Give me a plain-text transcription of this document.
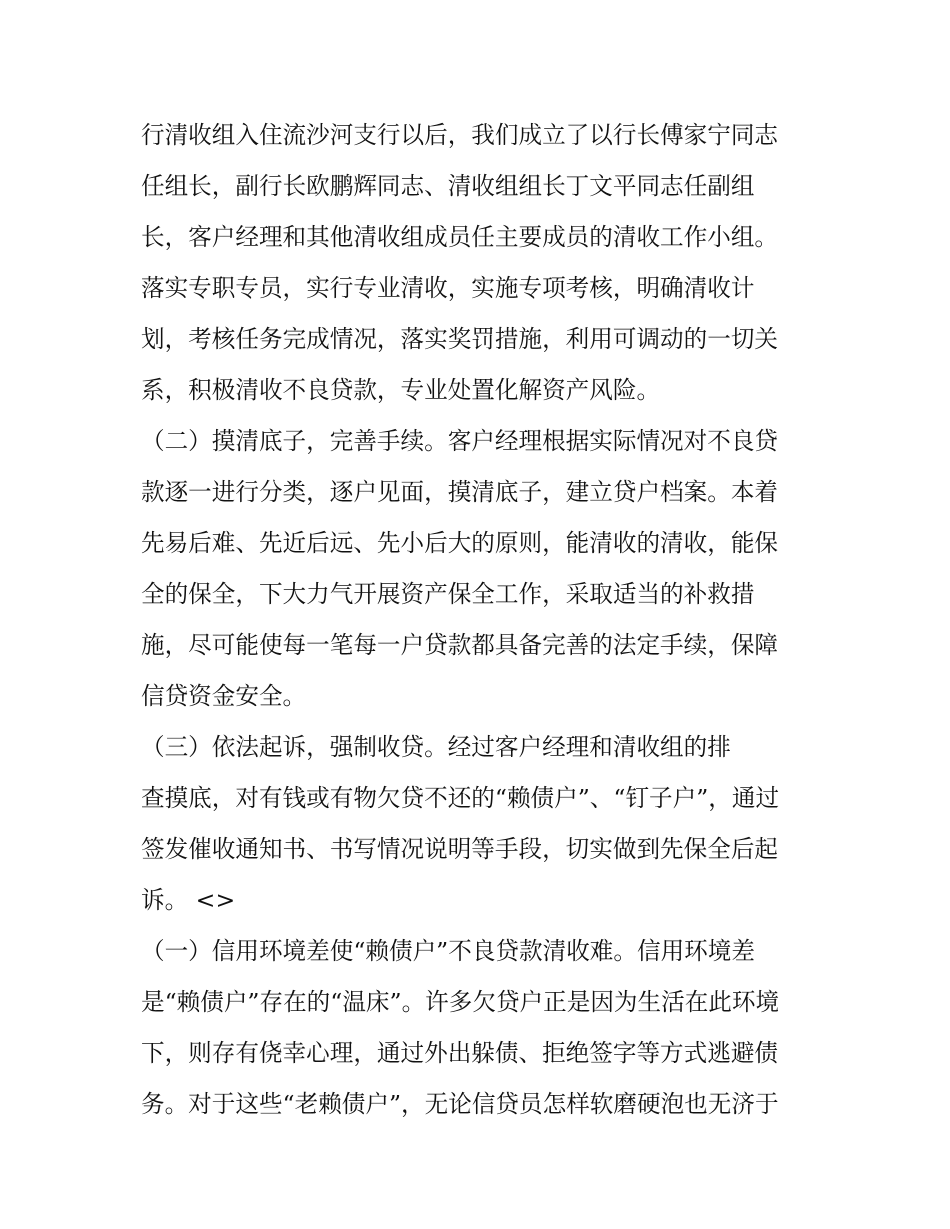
行清收组入住流沙河支行以后，我们成立了以行长傅家宁同志
任组长，副行长欧鹏辉同志、清收组组长丁文平同志任副组
长，客户经理和其他清收组成员任主要成员的清收工作小组。
落实专职专员，实行专业清收，实施专项考核，明确清收计
划，考核任务完成情况，落实奖罚措施，利用可调动的一切关
系，积极清收不良贷款，专业处置化解资产风险。
（二）摸清底子，完善手续。客户经理根据实际情况对不良贷
款逐一进行分类，逐户见面，摸清底子，建立贷户档案。本着
先易后难、先近后远、先小后大的原则，能清收的清收，能保
全的保全，下大力气开展资产保全工作，采取适当的补救措
施，尽可能使每一笔每一户贷款都具备完善的法定手续，保障
信贷资金安全。
（三）依法起诉，强制收贷。经过客户经理和清收组的排
查摸底，对有钱或有物欠贷不还的“赖债户”、“钉子户”，通过
签发催收通知书、书写情况说明等手段，切实做到先保全后起
诉。 <>
（一）信用环境差使“赖债户”不良贷款清收难。信用环境差
是“赖债户”存在的“温床”。许多欠贷户正是因为生活在此环境
下，则存有侥幸心理，通过外出躲债、拒绝签字等方式逃避债
务。对于这些“老赖债户”，无论信贷员怎样软磨硬泡也无济于
